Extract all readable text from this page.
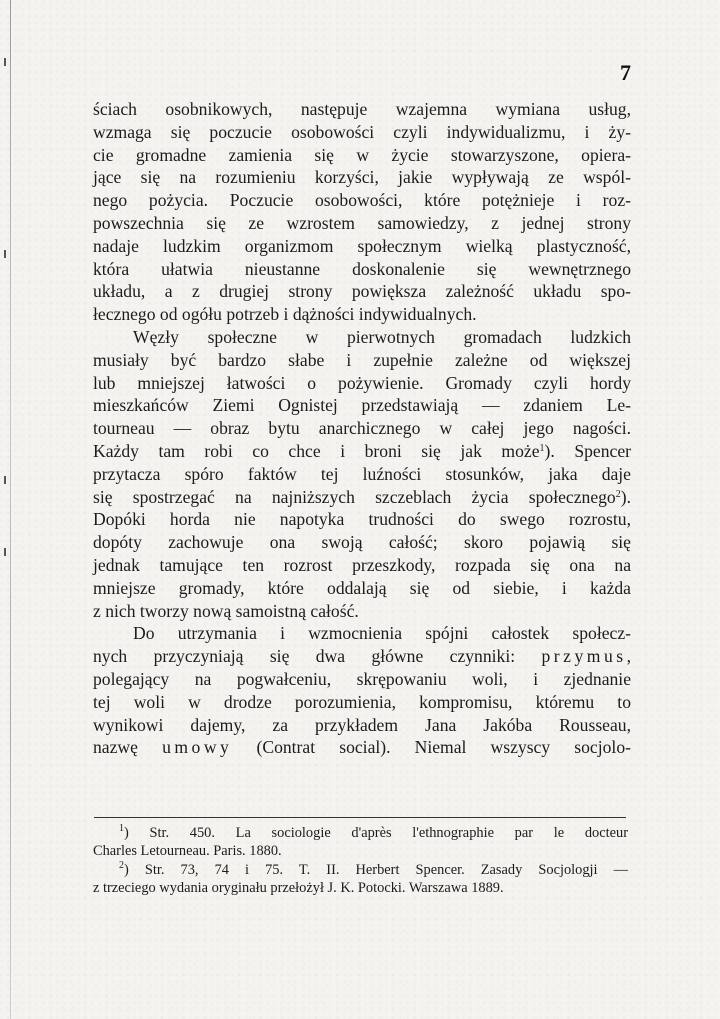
7
ściach osobnikowych, następuje wzajemna wymiana usług,
wzmaga się poczucie osobowości czyli indywidualizmu, i ży-
cie gromadne zamienia się w życie stowarzyszone, opiera-
jące się na rozumieniu korzyści, jakie wypływają ze wspól-
nego pożycia. Poczucie osobowości, które potężnieje i roz-
powszechnia się ze wzrostem samowiedzy, z jednej strony
nadaje ludzkim organizmom społecznym wielką plastyczność,
która ułatwia nieustanne doskonalenie się wewnętrznego
układu, a z drugiej strony powiększa zależność układu spo-
łecznego od ogółu potrzeb i dążności indywidualnych.
Węzły społeczne w pierwotnych gromadach ludzkich
musiały być bardzo słabe i zupełnie zależne od większej
lub mniejszej łatwości o pożywienie. Gromady czyli hordy
mieszkańców Ziemi Ognistej przedstawiają — zdaniem Le-
tourneau — obraz bytu anarchicznego w całej jego nagości.
Każdy tam robi co chce i broni się jak może$^1$). Spencer
przytacza spóro faktów tej luźności stosunków, jaka daje
się spostrzegać na najniższych szczeblach życia społecznego$^2$).
Dopóki horda nie napotyka trudności do swego rozrostu,
dopóty zachowuje ona swoją całość; skoro pojawią się
jednak tamujące ten rozrost przeszkody, rozpada się ona na
mniejsze gromady, które oddalają się od siebie, i każda
z nich tworzy nową samoistną całość.
Do utrzymania i wzmocnienia spójni całostek społecz-
nych przyczyniają się dwa główne czynniki: przymus,
polegający na pogwałceniu, skrępowaniu woli, i zjednanie
tej woli w drodze porozumienia, kompromisu, któremu to
wynikowi dajemy, za przykładem Jana Jakóba Rousseau,
nazwę umowy (Contrat social). Niemal wszyscy socjolo-
$^1$) Str. 450. La sociologie d'après l'ethnographie par le docteur
Charles Letourneau. Paris. 1880.
$^2$) Str. 73, 74 i 75. T. II. Herbert Spencer. Zasady Socjologji —
z trzeciego wydania oryginału przełożył J. K. Potocki. Warszawa 1889.
